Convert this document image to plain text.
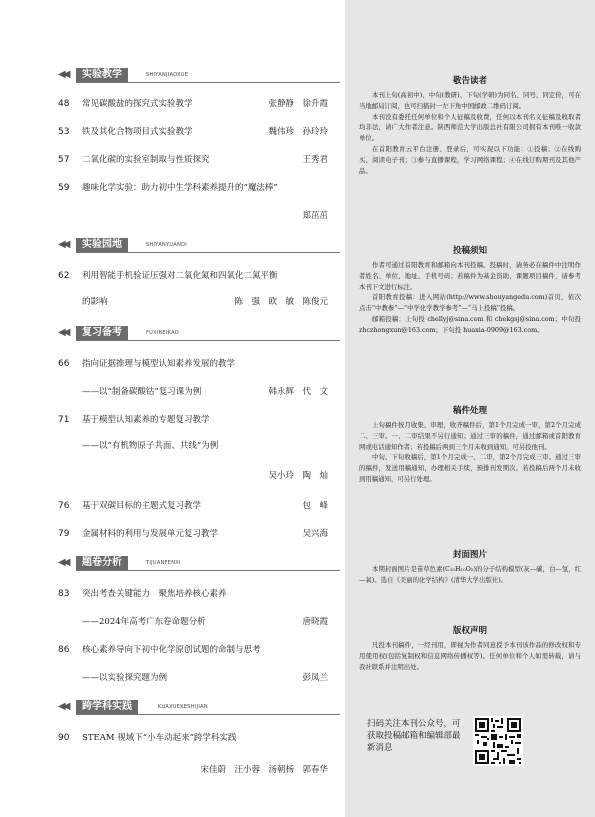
◀◀	实验教学	SHIYANJIAOXUE
48 常见碳酸盐的探究式实验教学	张静静　徐升霞
53 铁及其化合物项目式实验教学	魏伟珍　孙玲玲
57 二氧化碳的实验室制取与性质探究	王秀君
59 趣味化学实验：助力初中生学科素养提升的“魔法棒”
郑茁茁
◀◀	实验园地	SHIYANYUANDI
62 利用智能手机验证压强对二氧化氮和四氧化二氮平衡
的影响	陈　强　欧　敏　陈俊元
◀◀	复习备考	FUXIBEIKAO
66 指向证据推理与模型认知素养发展的教学
——以“制备碳酸钴”复习课为例	韩永辉　代　文
71 基于模型认知素养的专题复习教学
——以“有机物原子共面、共线”为例
吴小玲　陶　灿
76 基于双碳目标的主题式复习教学	包　峰
79 金属材料的利用与发展单元复习教学	吴兴海
◀◀	题卷分析	TIJUANFENXI
83 突出考查关键能力　聚焦培养核心素养
——2024年高考广东卷命题分析	唐晓霞
86 核心素养导向下初中化学原创试题的命制与思考
——以实验探究题为例	彭凤兰
◀◀	跨学科实践	KUAXUEKESHIJIAN
90 STEAM 视域下“小车动起来”跨学科实践
宋佳蔚　汪小蓉　汤朝杨　郭春华
敬告读者

本刊上旬(高初中)、中旬(教研)、下旬(学研)为同名、同号、同定价，可在当地邮局订阅，也可扫描封一左下角中国邮政二维码订阅。

本刊没有委托任何单位和个人征稿及收费，任何以本刊名义征稿及收取者均非法，请广大作者注意。陕西师范大学出版总社有限公司拥有本刊唯一收款单位。

在首阳教育云平台注册、登录后，可实现以下功能：①投稿；②在线购买、阅读电子刊；③参与直播课程，学习网络课程；④在线订购期刊及其他产品。

投稿须知

作者可通过首阳教育和邮箱向本刊投稿。投稿时，请务必在稿件中注明作者姓名、单位、地址、手机号码；若稿件为基金资助、课题项目稿件，请参考本刊下文进行标注。

首阳教育投稿：进入网站(http://www.shouyangedu.com)首页，依次点击“中教参”—“中学化学教学参考”—“马上投稿”投稿。

邮箱投稿：上旬投 chellyj@sina.com 和 chekgsj@sina.com；中旬投 zhczhongxun@163.com；下旬投 huaxia-0909@163.com。

稿件处理

上旬稿件按月收集、审理，收齐稿件后，第1个月完成一审，第2个月完成二、三审。一、二审结果不另行通知；通过三审的稿件，通过邮箱或首阳教育网或电话通知作者；若投稿后两到三个月未收到通知，可另投他刊。

中旬、下旬收稿后，第1个月完成一、二审，第2个月完成三审。通过三审的稿件，发送用稿通知，办理相关手续，预排刊发期次。若投稿后两个月未收到用稿通知，可另行处理。

封面图片

本期封面图片是苗草色素(C₁₅H₁₀O₅)的分子结构模型(灰—碳，白—氢，红—氧)。选自《美丽的化学结构》(清华大学出版社)。

版权声明

凡投本刊稿件，一经刊用，即视为作者同意授予本刊该作品的修改权和专用使用权(包括复制权和信息网络传播权等)。任何单位和个人如需转载，请与我社联系并注明出处。

扫码关注本刊公众号，可获取投稿邮箱和编辑部最新消息
